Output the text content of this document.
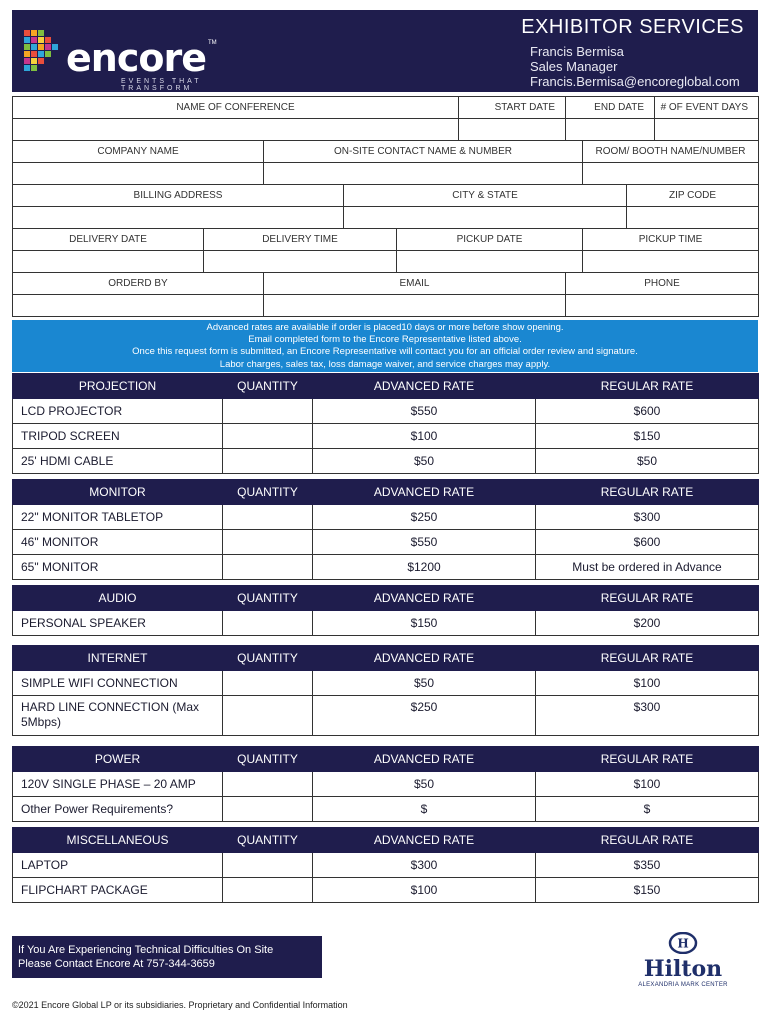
encore TM
EVENTS THAT TRANSFORM
EXHIBITOR SERVICES
Francis Bermisa
Sales Manager
Francis.Bermisa@encoreglobal.com
NAME OF CONFERENCE	START DATE	END DATE	# OF EVENT DAYS

COMPANY NAME	ON-SITE CONTACT NAME & NUMBER	ROOM/ BOOTH NAME/NUMBER

BILLING ADDRESS	CITY & STATE	ZIP CODE

DELIVERY DATE	DELIVERY TIME	PICKUP DATE	PICKUP TIME

ORDERD BY	EMAIL	PHONE

Advanced rates are available if order is placed10 days or more before show opening.
Email completed form to the Encore Representative listed above.
Once this request form is submitted, an Encore Representative will contact you for an official order review and signature.
Labor charges, sales tax, loss damage waiver, and service charges may apply.
PROJECTION	QUANTITY	ADVANCED RATE	REGULAR RATE
LCD PROJECTOR		$550	$600
TRIPOD SCREEN		$100	$150
25' HDMI CABLE		$50	$50
MONITOR	QUANTITY	ADVANCED RATE	REGULAR RATE
22" MONITOR TABLETOP		$250	$300
46" MONITOR		$550	$600
65" MONITOR		$1200	Must be ordered in Advance
AUDIO	QUANTITY	ADVANCED RATE	REGULAR RATE
PERSONAL SPEAKER		$150	$200
INTERNET	QUANTITY	ADVANCED RATE	REGULAR RATE
SIMPLE WIFI CONNECTION		$50	$100
HARD LINE CONNECTION (Max 5Mbps)		$250	$300
POWER	QUANTITY	ADVANCED RATE	REGULAR RATE
120V SINGLE PHASE – 20 AMP		$50	$100
Other Power Requirements?		$	$
MISCELLANEOUS	QUANTITY	ADVANCED RATE	REGULAR RATE
LAPTOP		$300	$350
FLIPCHART PACKAGE		$100	$150
If You Are Experiencing Technical Difficulties On Site
Please Contact Encore At 757-344-3659
H
Hilton
ALEXANDRIA MARK CENTER
©2021 Encore Global LP or its subsidiaries. Proprietary and Confidential Information
